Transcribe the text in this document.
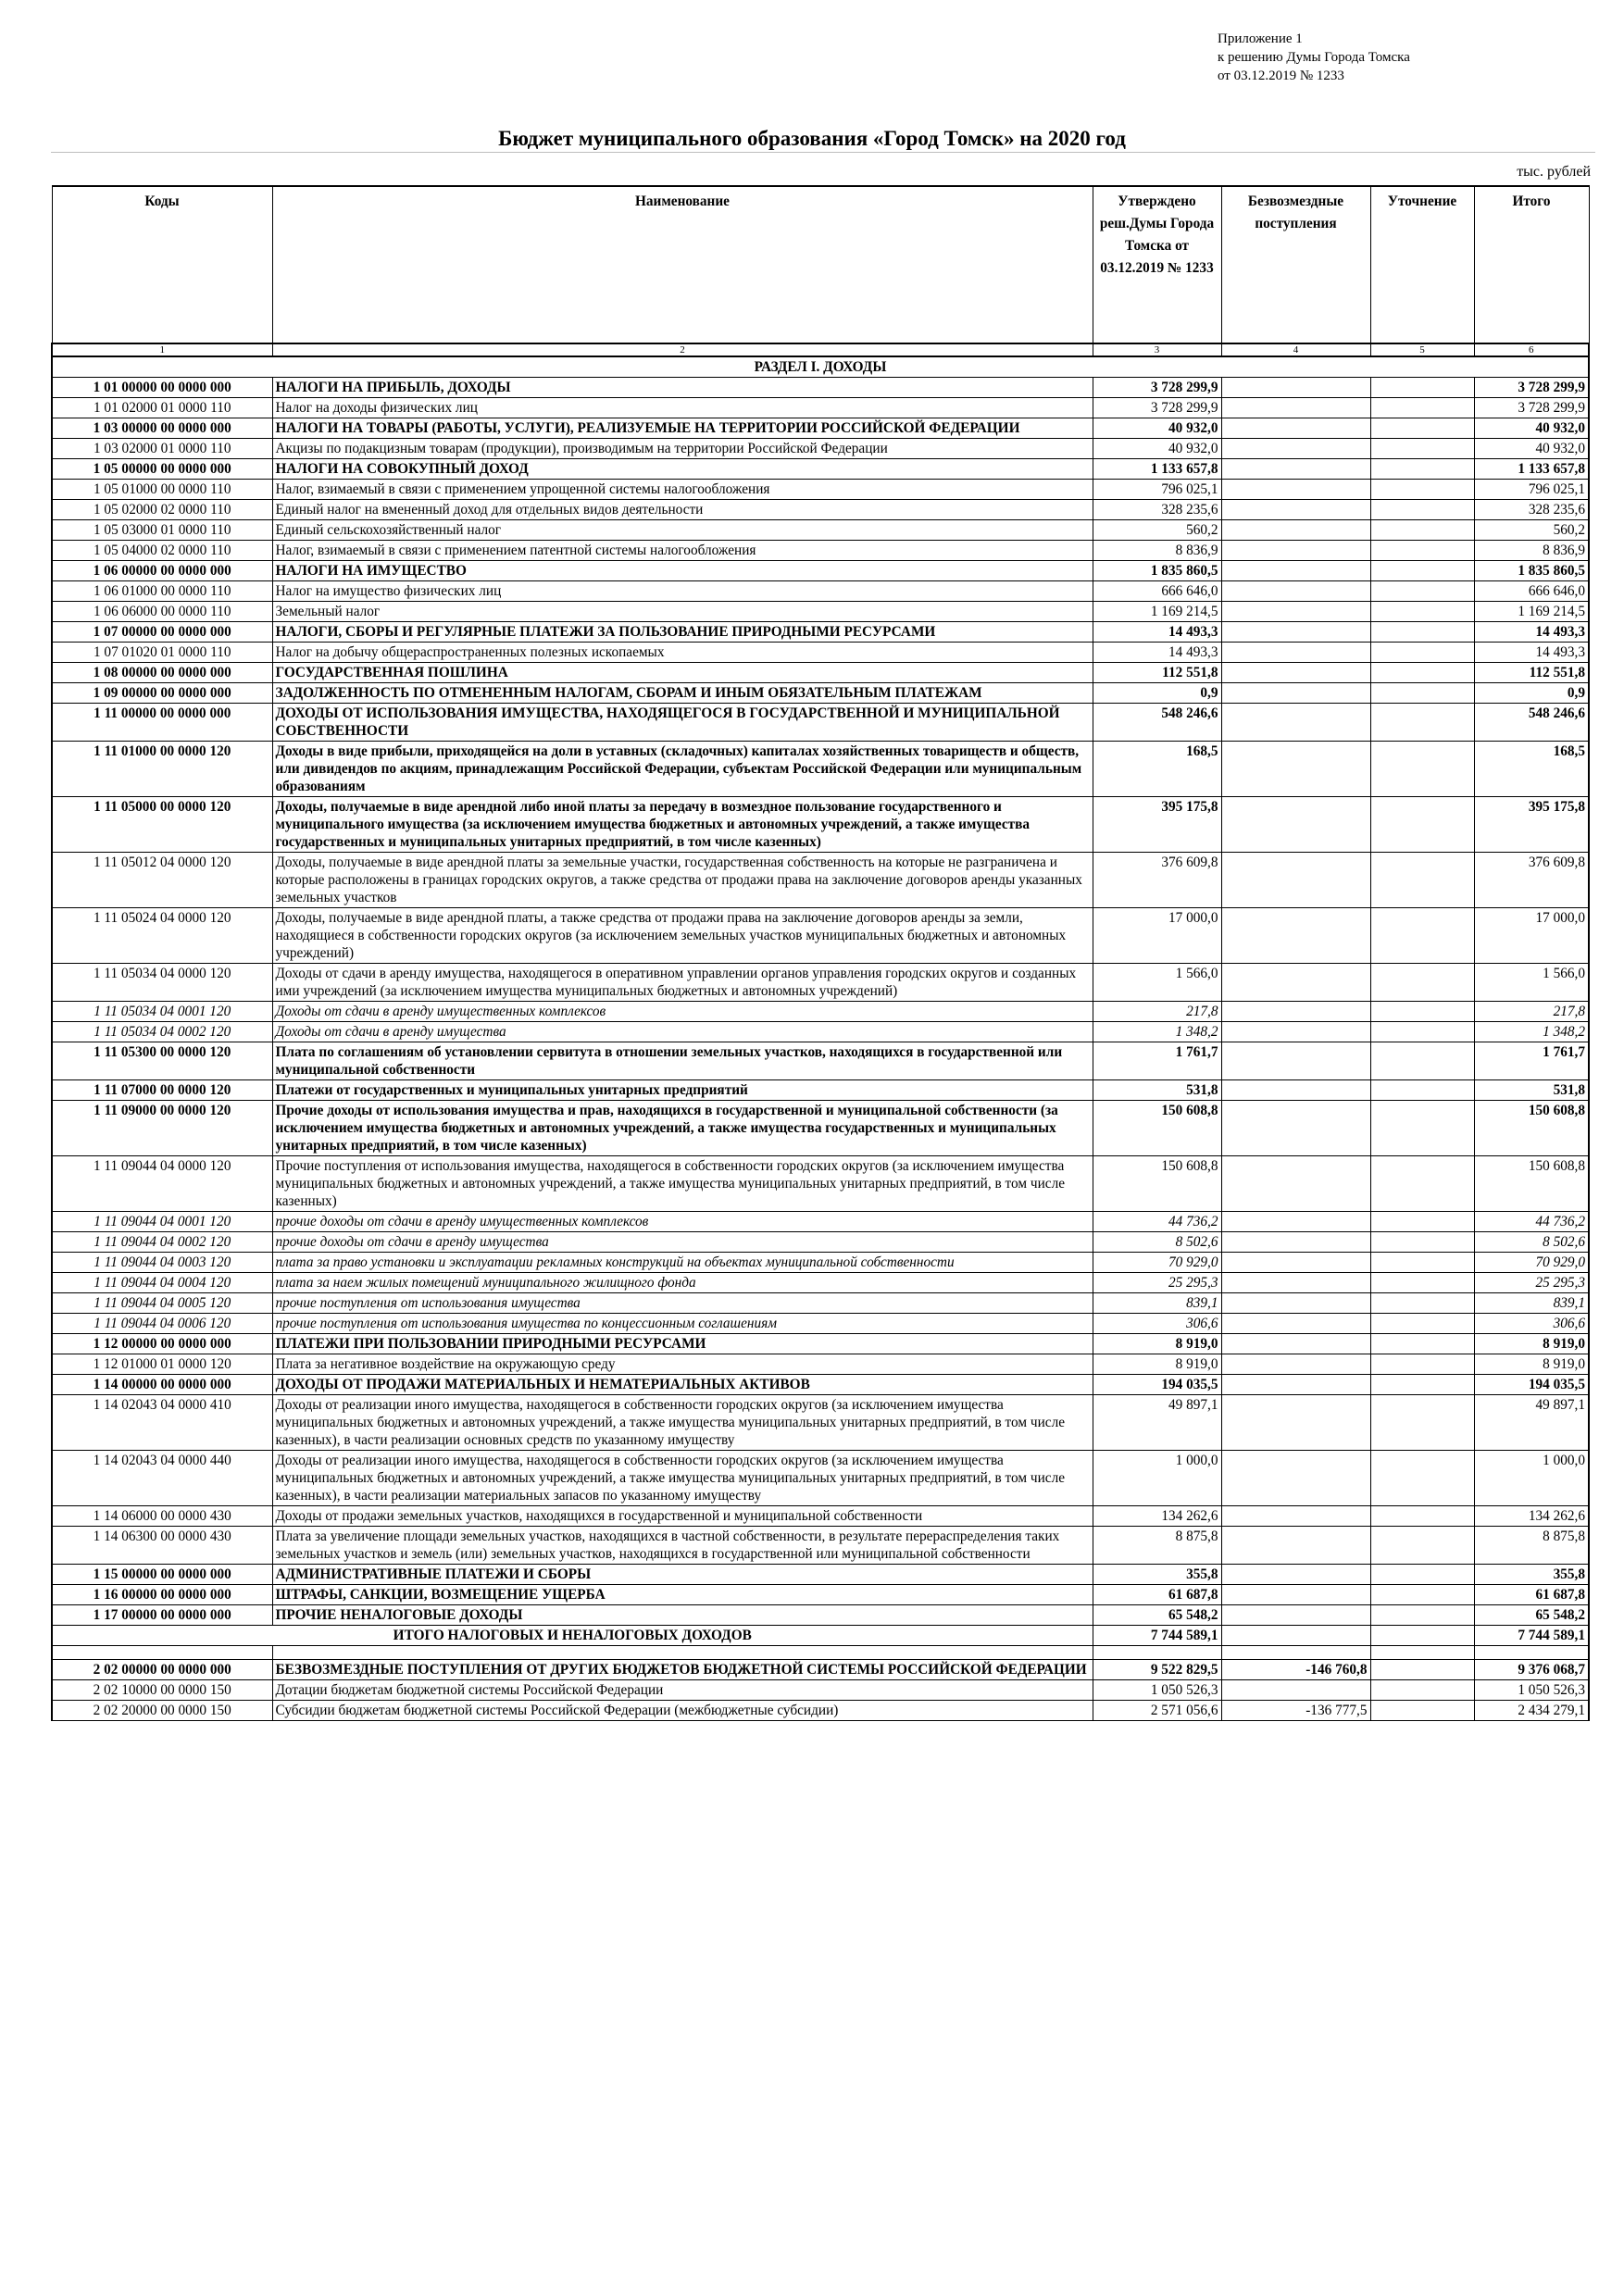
Приложение 1
к решению Думы Города Томска
от 03.12.2019 № 1233
Бюджет муниципального образования «Город Томск» на 2020 год
тыс. рублей
Коды	Наименование	Утверждено реш.Думы Города Томска от 03.12.2019 № 1233	Безвозмездные поступления	Уточнение	Итого
1	2	3	4	5	6
РАЗДЕЛ I. ДОХОДЫ					
1 01 00000 00 0000 000	НАЛОГИ НА ПРИБЫЛЬ, ДОХОДЫ	3 728 299,9			3 728 299,9
1 01 02000 01 0000 110	Налог на доходы физических лиц	3 728 299,9			3 728 299,9
1 03 00000 00 0000 000	НАЛОГИ НА ТОВАРЫ (РАБОТЫ, УСЛУГИ), РЕАЛИЗУЕМЫЕ НА ТЕРРИТОРИИ РОССИЙСКОЙ ФЕДЕРАЦИИ	40 932,0			40 932,0
1 03 02000 01 0000 110	Акцизы по подакцизным товарам (продукции), производимым на территории Российской Федерации	40 932,0			40 932,0
1 05 00000 00 0000 000	НАЛОГИ НА СОВОКУПНЫЙ ДОХОД	1 133 657,8			1 133 657,8
1 05 01000 00 0000 110	Налог, взимаемый в связи с применением упрощенной системы налогообложения	796 025,1			796 025,1
1 05 02000 02 0000 110	Единый налог на вмененный доход для отдельных видов деятельности	328 235,6			328 235,6
1 05 03000 01 0000 110	Единый сельскохозяйственный налог	560,2			560,2
1 05 04000 02 0000 110	Налог, взимаемый в связи с применением патентной системы налогообложения	8 836,9			8 836,9
1 06 00000 00 0000 000	НАЛОГИ НА ИМУЩЕСТВО	1 835 860,5			1 835 860,5
1 06 01000 00 0000 110	Налог на имущество физических лиц	666 646,0			666 646,0
1 06 06000 00 0000 110	Земельный налог	1 169 214,5			1 169 214,5
1 07 00000 00 0000 000	НАЛОГИ, СБОРЫ И РЕГУЛЯРНЫЕ ПЛАТЕЖИ ЗА ПОЛЬЗОВАНИЕ ПРИРОДНЫМИ РЕСУРСАМИ	14 493,3			14 493,3
1 07 01020 01 0000 110	Налог на добычу общераспространенных полезных ископаемых	14 493,3			14 493,3
1 08 00000 00 0000 000	ГОСУДАРСТВЕННАЯ ПОШЛИНА	112 551,8			112 551,8
1 09 00000 00 0000 000	ЗАДОЛЖЕННОСТЬ ПО ОТМЕНЕННЫМ НАЛОГАМ, СБОРАМ И ИНЫМ ОБЯЗАТЕЛЬНЫМ ПЛАТЕЖАМ	0,9			0,9
1 11 00000 00 0000 000	ДОХОДЫ ОТ ИСПОЛЬЗОВАНИЯ ИМУЩЕСТВА, НАХОДЯЩЕГОСЯ В ГОСУДАРСТВЕННОЙ И МУНИЦИПАЛЬНОЙ СОБСТВЕННОСТИ	548 246,6			548 246,6
1 11 01000 00 0000 120	Доходы в виде прибыли, приходящейся на доли в уставных (складочных) капиталах хозяйственных товариществ и обществ, или дивидендов по акциям, принадлежащим Российской Федерации, субъектам Российской Федерации или муниципальным образованиям	168,5			168,5
1 11 05000 00 0000 120	Доходы, получаемые в виде арендной либо иной платы за передачу в возмездное пользование государственного и муниципального имущества (за исключением имущества бюджетных и автономных учреждений, а также имущества государственных и муниципальных унитарных предприятий, в том числе казенных)	395 175,8			395 175,8
1 11 05012 04 0000 120	Доходы, получаемые в виде арендной платы за земельные участки, государственная собственность на которые не разграничена и которые расположены в границах городских округов, а также средства от продажи права на заключение договоров аренды указанных земельных участков	376 609,8			376 609,8
1 11 05024 04 0000 120	Доходы, получаемые в виде арендной платы, а также средства от продажи права на заключение договоров аренды за земли, находящиеся в собственности городских округов (за исключением земельных участков муниципальных бюджетных и автономных учреждений)	17 000,0			17 000,0
1 11 05034 04 0000 120	Доходы от сдачи в аренду имущества, находящегося в оперативном управлении органов управления городских округов и созданных ими учреждений (за исключением имущества муниципальных бюджетных и автономных учреждений)	1 566,0			1 566,0
1 11 05034 04 0001 120	Доходы от сдачи в аренду имущественных комплексов	217,8			217,8
1 11 05034 04 0002 120	Доходы от сдачи в аренду имущества	1 348,2			1 348,2
1 11 05300 00 0000 120	Плата по соглашениям об установлении сервитута в отношении земельных участков, находящихся в государственной или муниципальной собственности	1 761,7			1 761,7
1 11 07000 00 0000 120	Платежи от государственных и муниципальных унитарных предприятий	531,8			531,8
1 11 09000 00 0000 120	Прочие доходы от использования имущества и прав, находящихся в государственной и муниципальной собственности (за исключением имущества бюджетных и автономных учреждений, а также имущества государственных и муниципальных унитарных предприятий, в том числе казенных)	150 608,8			150 608,8
1 11 09044 04 0000 120	Прочие поступления от использования имущества, находящегося в собственности городских округов (за исключением имущества муниципальных бюджетных и автономных учреждений, а также имущества муниципальных унитарных предприятий, в том числе казенных)	150 608,8			150 608,8
1 11 09044 04 0001 120	прочие доходы от сдачи в аренду имущественных комплексов	44 736,2			44 736,2
1 11 09044 04 0002 120	прочие доходы от сдачи в аренду имущества	8 502,6			8 502,6
1 11 09044 04 0003 120	плата за право установки и эксплуатации рекламных конструкций на объектах муниципальной собственности	70 929,0			70 929,0
1 11 09044 04 0004 120	плата за наем жилых помещений муниципального жилищного фонда	25 295,3			25 295,3
1 11 09044 04 0005 120	прочие поступления от использования имущества	839,1			839,1
1 11 09044 04 0006 120	прочие поступления от использования имущества по концессионным соглашениям	306,6			306,6
1 12 00000 00 0000 000	ПЛАТЕЖИ ПРИ ПОЛЬЗОВАНИИ ПРИРОДНЫМИ РЕСУРСАМИ	8 919,0			8 919,0
1 12 01000 01 0000 120	Плата за негативное воздействие на окружающую среду	8 919,0			8 919,0
1 14 00000 00 0000 000	ДОХОДЫ ОТ ПРОДАЖИ МАТЕРИАЛЬНЫХ И НЕМАТЕРИАЛЬНЫХ АКТИВОВ	194 035,5			194 035,5
1 14 02043 04 0000 410	Доходы от реализации иного имущества, находящегося в собственности городских округов (за исключением имущества муниципальных бюджетных и автономных учреждений, а также имущества муниципальных унитарных предприятий, в том числе казенных), в части реализации основных средств по указанному имуществу	49 897,1			49 897,1
1 14 02043 04 0000 440	Доходы от реализации иного имущества, находящегося в собственности городских округов (за исключением имущества муниципальных бюджетных и автономных учреждений, а также имущества муниципальных унитарных предприятий, в том числе казенных), в части реализации материальных запасов по указанному имуществу	1 000,0			1 000,0
1 14 06000 00 0000 430	Доходы от продажи земельных участков, находящихся в государственной и муниципальной собственности	134 262,6			134 262,6
1 14 06300 00 0000 430	Плата за увеличение площади земельных участков, находящихся в частной собственности, в результате перераспределения таких земельных участков и земель (или) земельных участков, находящихся в государственной или муниципальной собственности	8 875,8			8 875,8
1 15 00000 00 0000 000	АДМИНИСТРАТИВНЫЕ ПЛАТЕЖИ И СБОРЫ	355,8			355,8
1 16 00000 00 0000 000	ШТРАФЫ, САНКЦИИ, ВОЗМЕЩЕНИЕ УЩЕРБА	61 687,8			61 687,8
1 17 00000 00 0000 000	ПРОЧИЕ НЕНАЛОГОВЫЕ ДОХОДЫ	65 548,2			65 548,2
ИТОГО НАЛОГОВЫХ И НЕНАЛОГОВЫХ ДОХОДОВ		7 744 589,1			7 744 589,1

2 02 00000 00 0000 000	БЕЗВОЗМЕЗДНЫЕ ПОСТУПЛЕНИЯ ОТ ДРУГИХ БЮДЖЕТОВ БЮДЖЕТНОЙ СИСТЕМЫ РОССИЙСКОЙ ФЕДЕРАЦИИ	9 522 829,5	-146 760,8		9 376 068,7
2 02 10000 00 0000 150	Дотации бюджетам бюджетной системы Российской Федерации	1 050 526,3			1 050 526,3
2 02 20000 00 0000 150	Субсидии бюджетам бюджетной системы Российской Федерации (межбюджетные субсидии)	2 571 056,6	-136 777,5		2 434 279,1
